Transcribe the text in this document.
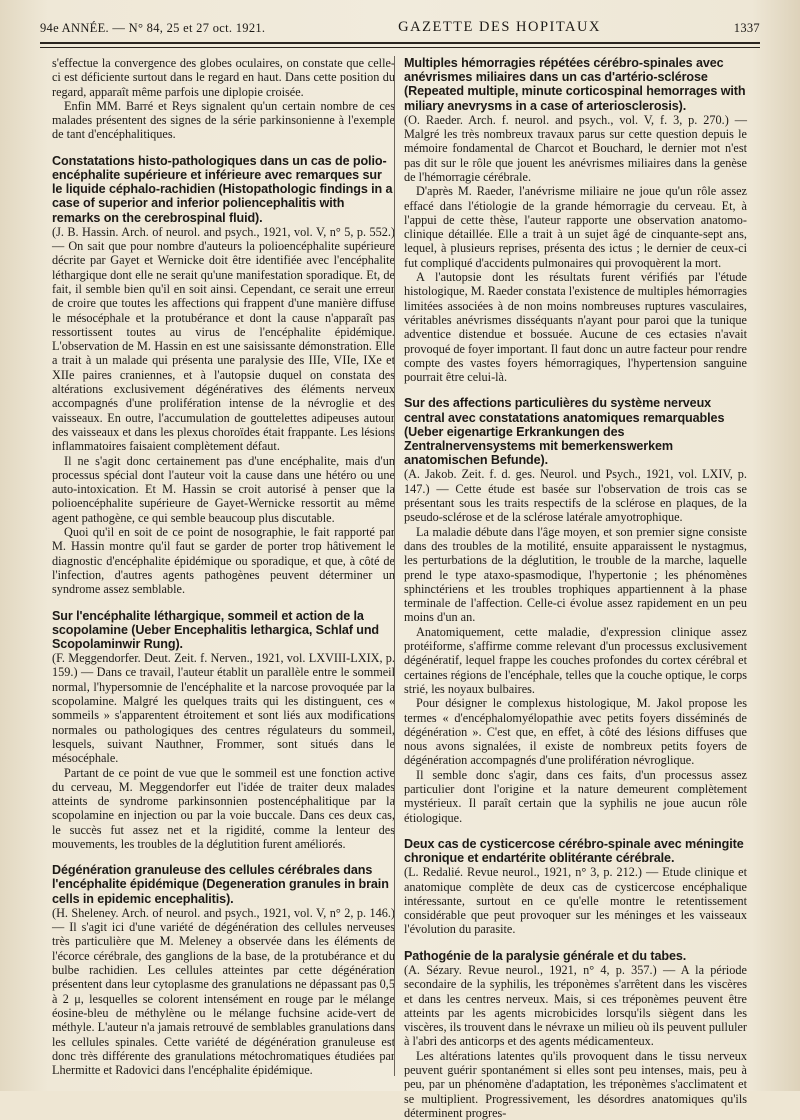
94e ANNÉE. — N° 84, 25 et 27 oct. 1921.	GAZETTE DES HOPITAUX	1337

s'effectue la convergence des globes oculaires, on constate que celle-ci est déficiente surtout dans le regard en haut. Dans cette position du regard, apparaît même parfois une diplopie croisée.

Enfin MM. Barré et Reys signalent qu'un certain nombre de ces malades présentent des signes de la série parkinsonienne à l'exemple de tant d'encéphalitiques.

Constatations histo-pathologiques dans un cas de polio-encéphalite supérieure et inférieure avec remarques sur le liquide céphalo-rachidien (Histopathologic findings in a case of superior and inferior poliencephalitis with remarks on the cerebrospinal fluid).

(J. B. Hassin. Arch. of neurol. and psych., 1921, vol. V, n° 5, p. 552.) — On sait que pour nombre d'auteurs la polioencéphalite supérieure décrite par Gayet et Wernicke doit être identifiée avec l'encéphalite léthargique dont elle ne serait qu'une manifestation sporadique. Et, de fait, il semble bien qu'il en soit ainsi. Cependant, ce serait une erreur de croire que toutes les affections qui frappent d'une manière diffuse le mésocéphale et la protubérance et dont la cause n'apparaît pas ressortissent toutes au virus de l'encéphalite épidémique. L'observation de M. Hassin en est une saisissante démonstration. Elle a trait à un malade qui présenta une paralysie des IIIe, VIIe, IXe et XIIe paires craniennes, et à l'autopsie duquel on constata des altérations exclusivement dégénératives des éléments nerveux accompagnés d'une prolifération intense de la névroglie et des vaisseaux. En outre, l'accumulation de gouttelettes adipeuses autour des vaisseaux et dans les plexus choroïdes était frappante. Les lésions inflammatoires faisaient complètement défaut.

Il ne s'agit donc certainement pas d'une encéphalite, mais d'un processus spécial dont l'auteur voit la cause dans une hétéro ou une auto-intoxication. Et M. Hassin se croit autorisé à penser que la polioencéphalite supérieure de Gayet-Wernicke ressortit au même agent pathogène, ce qui semble beaucoup plus discutable.

Quoi qu'il en soit de ce point de nosographie, le fait rapporté par M. Hassin montre qu'il faut se garder de porter trop hâtivement le diagnostic d'encéphalite épidémique ou sporadique, et que, à côté de l'infection, d'autres agents pathogènes peuvent déterminer un syndrome assez semblable.

Sur l'encéphalite léthargique, sommeil et action de la scopolamine (Ueber Encephalitis lethargica, Schlaf und Scopolaminwir Rung).

(F. Meggendorfer. Deut. Zeit. f. Nerven., 1921, vol. LXVIII-LXIX, p. 159.) — Dans ce travail, l'auteur établit un parallèle entre le sommeil normal, l'hypersomnie de l'encéphalite et la narcose provoquée par la scopolamine. Malgré les quelques traits qui les distinguent, ces « sommeils » s'apparentent étroitement et sont liés aux modifications normales ou pathologiques des centres régulateurs du sommeil, lesquels, suivant Nauthner, Frommer, sont situés dans le mésocéphale.

Partant de ce point de vue que le sommeil est une fonction active du cerveau, M. Meggendorfer eut l'idée de traiter deux malades atteints de syndrome parkinsonnien postencéphalitique par la scopolamine en injection ou par la voie buccale. Dans ces deux cas, le succès fut assez net et la rigidité, comme la lenteur des mouvements, les troubles de la déglutition furent améliorés.

Dégénération granuleuse des cellules cérébrales dans l'encéphalite épidémique (Degeneration granules in brain cells in epidemic encephalitis).

(H. Sheleney. Arch. of neurol. and psych., 1921, vol. V, n° 2, p. 146.) — Il s'agit ici d'une variété de dégénération des cellules nerveuses très particulière que M. Meleney a observée dans les éléments de l'écorce cérébrale, des ganglions de la base, de la protubérance et du bulbe rachidien. Les cellules atteintes par cette dégénération présentent dans leur cytoplasme des granulations ne dépassant pas 0,5 à 2 μ, lesquelles se colorent intensément en rouge par le mélange éosine-bleu de méthylène ou le mélange fuchsine acide-vert de méthyle. L'auteur n'a jamais retrouvé de semblables granulations dans les cellules spinales. Cette variété de dégénération granuleuse est donc très différente des granulations métochromatiques étudiées par Lhermitte et Radovici dans l'encéphalite épidémique.

Multiples hémorragies répétées cérébro-spinales avec anévrismes miliaires dans un cas d'artério-sclérose (Repeated multiple, minute corticospinal hemorrages with miliary anevrysms in a case of arteriosclerosis).

(O. Raeder. Arch. f. neurol. and psych., vol. V, f. 3, p. 270.) — Malgré les très nombreux travaux parus sur cette question depuis le mémoire fondamental de Charcot et Bouchard, le dernier mot n'est pas dit sur le rôle que jouent les anévrismes miliaires dans la genèse de l'hémorragie cérébrale.

D'après M. Raeder, l'anévrisme miliaire ne joue qu'un rôle assez effacé dans l'étiologie de la grande hémorragie du cerveau. Et, à l'appui de cette thèse, l'auteur rapporte une observation anatomo-clinique détaillée. Elle a trait à un sujet âgé de cinquante-sept ans, lequel, à plusieurs reprises, présenta des ictus ; le dernier de ceux-ci fut compliqué d'accidents pulmonaires qui provoquèrent la mort.

A l'autopsie dont les résultats furent vérifiés par l'étude histologique, M. Raeder constata l'existence de multiples hémorragies limitées associées à de non moins nombreuses ruptures vasculaires, véritables anévrismes disséquants n'ayant pour paroi que la tunique adventice distendue et bossuée. Aucune de ces ectasies n'avait provoqué de foyer important. Il faut donc un autre facteur pour rendre compte des vastes foyers hémorragiques, l'hypertension sanguine pourrait être celui-là.

Sur des affections particulières du système nerveux central avec constatations anatomiques remarquables (Ueber eigenartige Erkrankungen des Zentralnervensystems mit bemerkenswerkem anatomischen Befunde).

(A. Jakob. Zeit. f. d. ges. Neurol. und Psych., 1921, vol. LXIV, p. 147.) — Cette étude est basée sur l'observation de trois cas se présentant sous les traits respectifs de la sclérose en plaques, de la pseudo-sclérose et de la sclérose latérale amyotrophique.

La maladie débute dans l'âge moyen, et son premier signe consiste dans des troubles de la motilité, ensuite apparaissent le nystagmus, les perturbations de la déglutition, le trouble de la marche, laquelle prend le type ataxo-spasmodique, l'hypertonie ; les phénomènes sphinctériens et les troubles trophiques appartiennent à la phase terminale de l'affection. Celle-ci évolue assez rapidement en un peu moins d'un an.

Anatomiquement, cette maladie, d'expression clinique assez protéiforme, s'affirme comme relevant d'un processus exclusivement dégénératif, lequel frappe les couches profondes du cortex cérébral et certaines régions de l'encéphale, telles que la couche optique, le corps strié, les noyaux bulbaires.

Pour désigner le complexus histologique, M. Jakol propose les termes « d'encéphalomyélopathie avec petits foyers disséminés de dégénération ». C'est que, en effet, à côté des lésions diffuses que nous avons signalées, il existe de nombreux petits foyers de dégénération accompagnés d'une prolifération névroglique.

Il semble donc s'agir, dans ces faits, d'un processus assez particulier dont l'origine et la nature demeurent complètement mystérieux. Il paraît certain que la syphilis ne joue aucun rôle étiologique.

Deux cas de cysticercose cérébro-spinale avec méningite chronique et endartérite oblitérante cérébrale.

(L. Redalié. Revue neurol., 1921, n° 3, p. 212.) — Etude clinique et anatomique complète de deux cas de cysticercose encéphalique intéressante, surtout en ce qu'elle montre le retentissement considérable que peut provoquer sur les méninges et les vaisseaux l'évolution du parasite.

Pathogénie de la paralysie générale et du tabes.

(A. Sézary. Revue neurol., 1921, n° 4, p. 357.) — A la période secondaire de la syphilis, les tréponèmes s'arrêtent dans les viscères et dans les centres nerveux. Mais, si ces tréponèmes peuvent être atteints par les agents microbicides lorsqu'ils siègent dans les viscères, ils trouvent dans le névraxe un milieu où ils peuvent pulluler à l'abri des anticorps et des agents médicamenteux.

Les altérations latentes qu'ils provoquent dans le tissu nerveux peuvent guérir spontanément si elles sont peu intenses, mais, peu à peu, par un phénomène d'adaptation, les tréponèmes s'acclimatent et se multiplient. Progressivement, les désordres anatomiques qu'ils déterminent progres-
